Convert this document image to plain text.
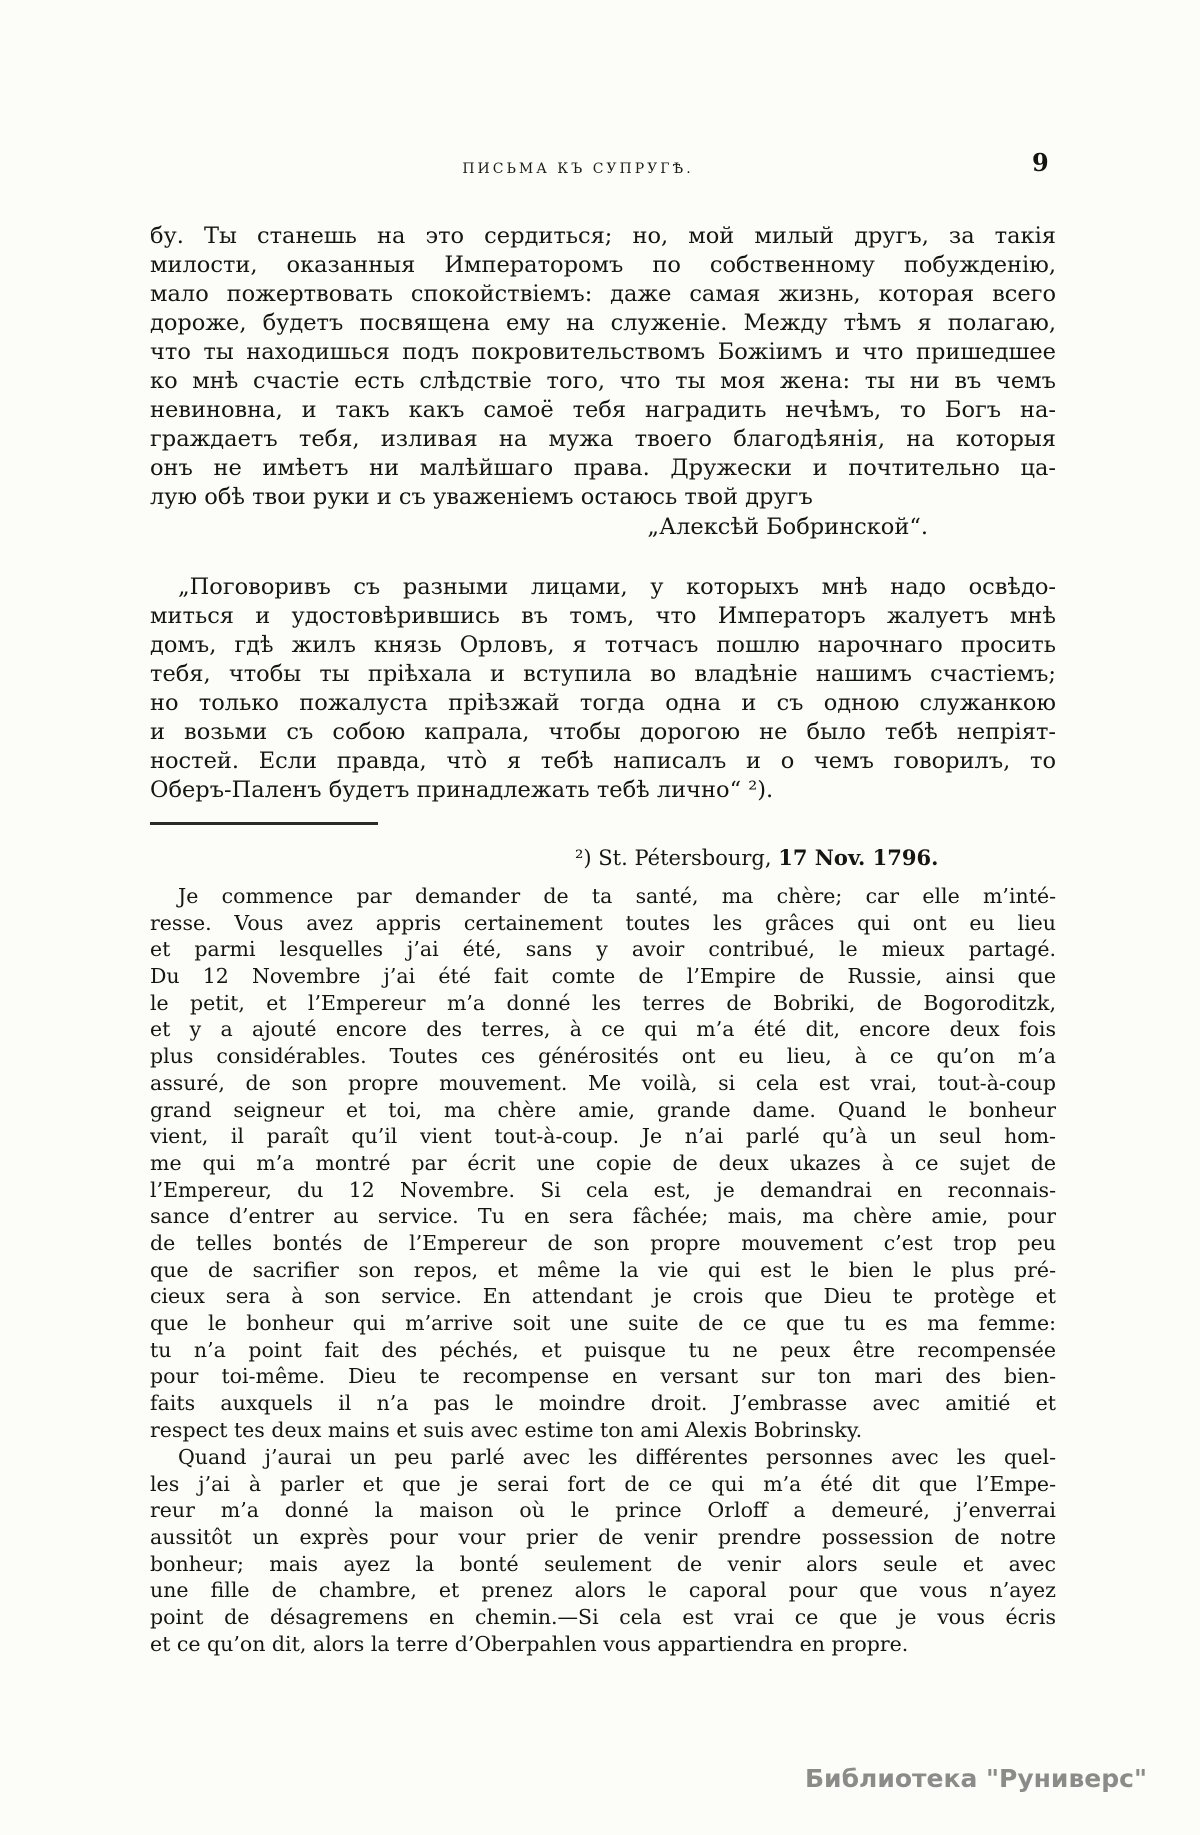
ПИСЬМА КЪ СУПРУГѢ.	9
бу. Ты станешь на это сердиться; но, мой милый другъ, за такія
милости, оказанныя Императоромъ по собственному побужденію,
мало пожертвовать спокойствіемъ: даже самая жизнь, которая всего
дороже, будетъ посвящена ему на служеніе. Между тѣмъ я полагаю,
что ты находишься подъ покровительствомъ Божіимъ и что пришедшее
ко мнѣ счастіе есть слѣдствіе того, что ты моя жена: ты ни въ чемъ
невиновна, и такъ какъ самоё тебя наградить нечѣмъ, то Богъ на-
граждаетъ тебя, изливая на мужа твоего благодѣянія, на которыя
онъ не имѣетъ ни малѣйшаго права. Дружески и почтительно ца-
лую обѣ твои руки и съ уваженіемъ остаюсь твой другъ
„Алексѣй Бобринской“.
„Поговоривъ съ разными лицами, у которыхъ мнѣ надо освѣдо-
миться и удостовѣрившись въ томъ, что Императоръ жалуетъ мнѣ
домъ, гдѣ жилъ князь Орловъ, я тотчасъ пошлю нарочнаго просить
тебя, чтобы ты пріѣхала и вступила во владѣніе нашимъ счастіемъ;
но только пожалуста пріѣзжай тогда одна и съ одною служанкою
и возьми съ собою капрала, чтобы дорогою не было тебѣ непріят-
ностей. Если правда, что̀ я тебѣ написалъ и о чемъ говорилъ, то
Оберъ-Паленъ будетъ принадлежать тебѣ лично“ ²).
²) St. Pétersbourg, 17 Nov. 1796.
Je commence par demander de ta santé, ma chère; car elle m’inté-
resse. Vous avez appris certainement toutes les grâces qui ont eu lieu
et parmi lesquelles j’ai été, sans y avoir contribué, le mieux partagé.
Du 12 Novembre j’ai été fait comte de l’Empire de Russie, ainsi que
le petit, et l’Empereur m’a donné les terres de Bobriki, de Bogoroditzk,
et y a ajouté encore des terres, à ce qui m’a été dit, encore deux fois
plus considérables. Toutes ces générosités ont eu lieu, à ce qu’on m’a
assuré, de son propre mouvement. Me voilà, si cela est vrai, tout-à-coup
grand seigneur et toi, ma chère amie, grande dame. Quand le bonheur
vient, il paraît qu’il vient tout-à-coup. Je n’ai parlé qu’à un seul hom-
me qui m’a montré par écrit une copie de deux ukazes à ce sujet de
l’Empereur, du 12 Novembre. Si cela est, je demandrai en reconnais-
sance d’entrer au service. Tu en sera fâchée; mais, ma chère amie, pour
de telles bontés de l’Empereur de son propre mouvement c’est trop peu
que de sacrifier son repos, et même la vie qui est le bien le plus pré-
cieux sera à son service. En attendant je crois que Dieu te protège et
que le bonheur qui m’arrive soit une suite de ce que tu es ma femme:
tu n’a point fait des péchés, et puisque tu ne peux être recompensée
pour toi-même. Dieu te recompense en versant sur ton mari des bien-
faits auxquels il n’a pas le moindre droit. J’embrasse avec amitié et
respect tes deux mains et suis avec estime ton ami Alexis Bobrinsky.
Quand j’aurai un peu parlé avec les différentes personnes avec les quel-
les j’ai à parler et que je serai fort de ce qui m’a été dit que l’Empe-
reur m’a donné la maison où le prince Orloff a demeuré, j’enverrai
aussitôt un exprès pour vour prier de venir prendre possession de notre
bonheur; mais ayez la bonté seulement de venir alors seule et avec
une fille de chambre, et prenez alors le caporal pour que vous n’ayez
point de désagremens en chemin.—Si cela est vrai ce que je vous écris
et ce qu’on dit, alors la terre d’Oberpahlen vous appartiendra en propre.
Библиотека "Руниверс"
